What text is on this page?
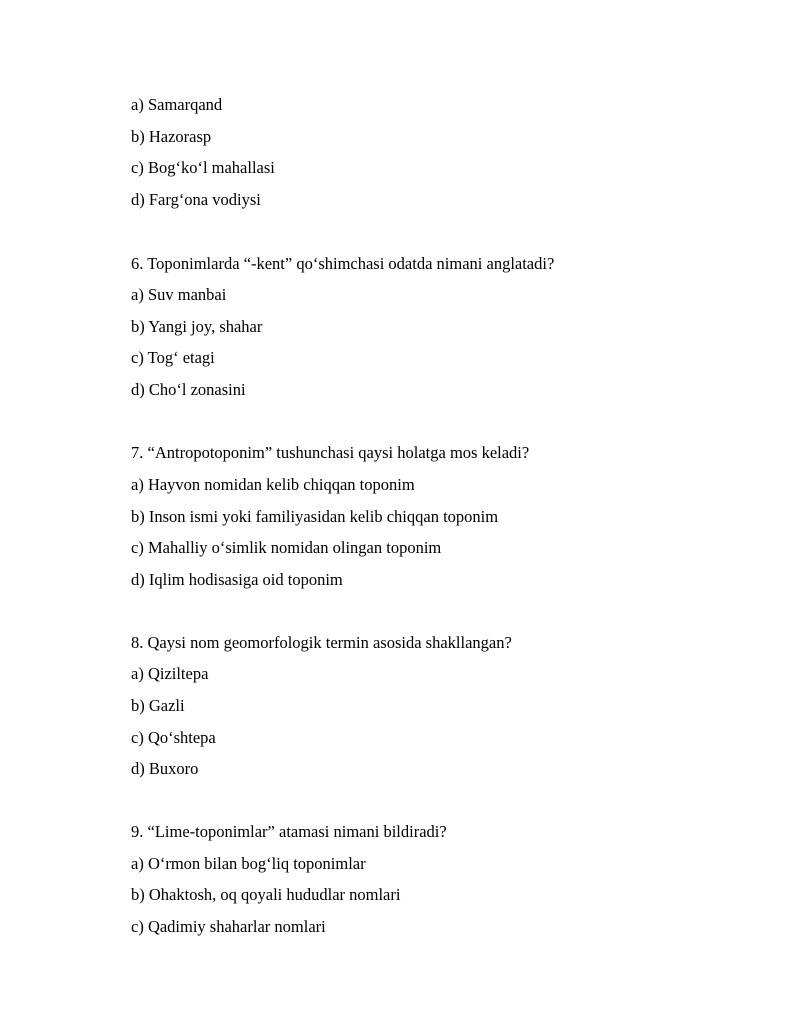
a) Samarqand
b) Hazorasp
c) Bog‘ko‘l mahallasi
d) Farg‘ona vodiysi
6. Toponimlarda “-kent” qo‘shimchasi odatda nimani anglatadi?
a) Suv manbai
b) Yangi joy, shahar
c) Tog‘ etagi
d) Cho‘l zonasini
7. “Antropotoponim” tushunchasi qaysi holatga mos keladi?
a) Hayvon nomidan kelib chiqqan toponim
b) Inson ismi yoki familiyasidan kelib chiqqan toponim
c) Mahalliy o‘simlik nomidan olingan toponim
d) Iqlim hodisasiga oid toponim
8. Qaysi nom geomorfologik termin asosida shakllangan?
a) Qiziltepa
b) Gazli
c) Qo‘shtepa
d) Buxoro
9. “Lime-toponimlar” atamasi nimani bildiradi?
a) O‘rmon bilan bog‘liq toponimlar
b) Ohaktosh, oq qoyali hududlar nomlari
c) Qadimiy shaharlar nomlari
